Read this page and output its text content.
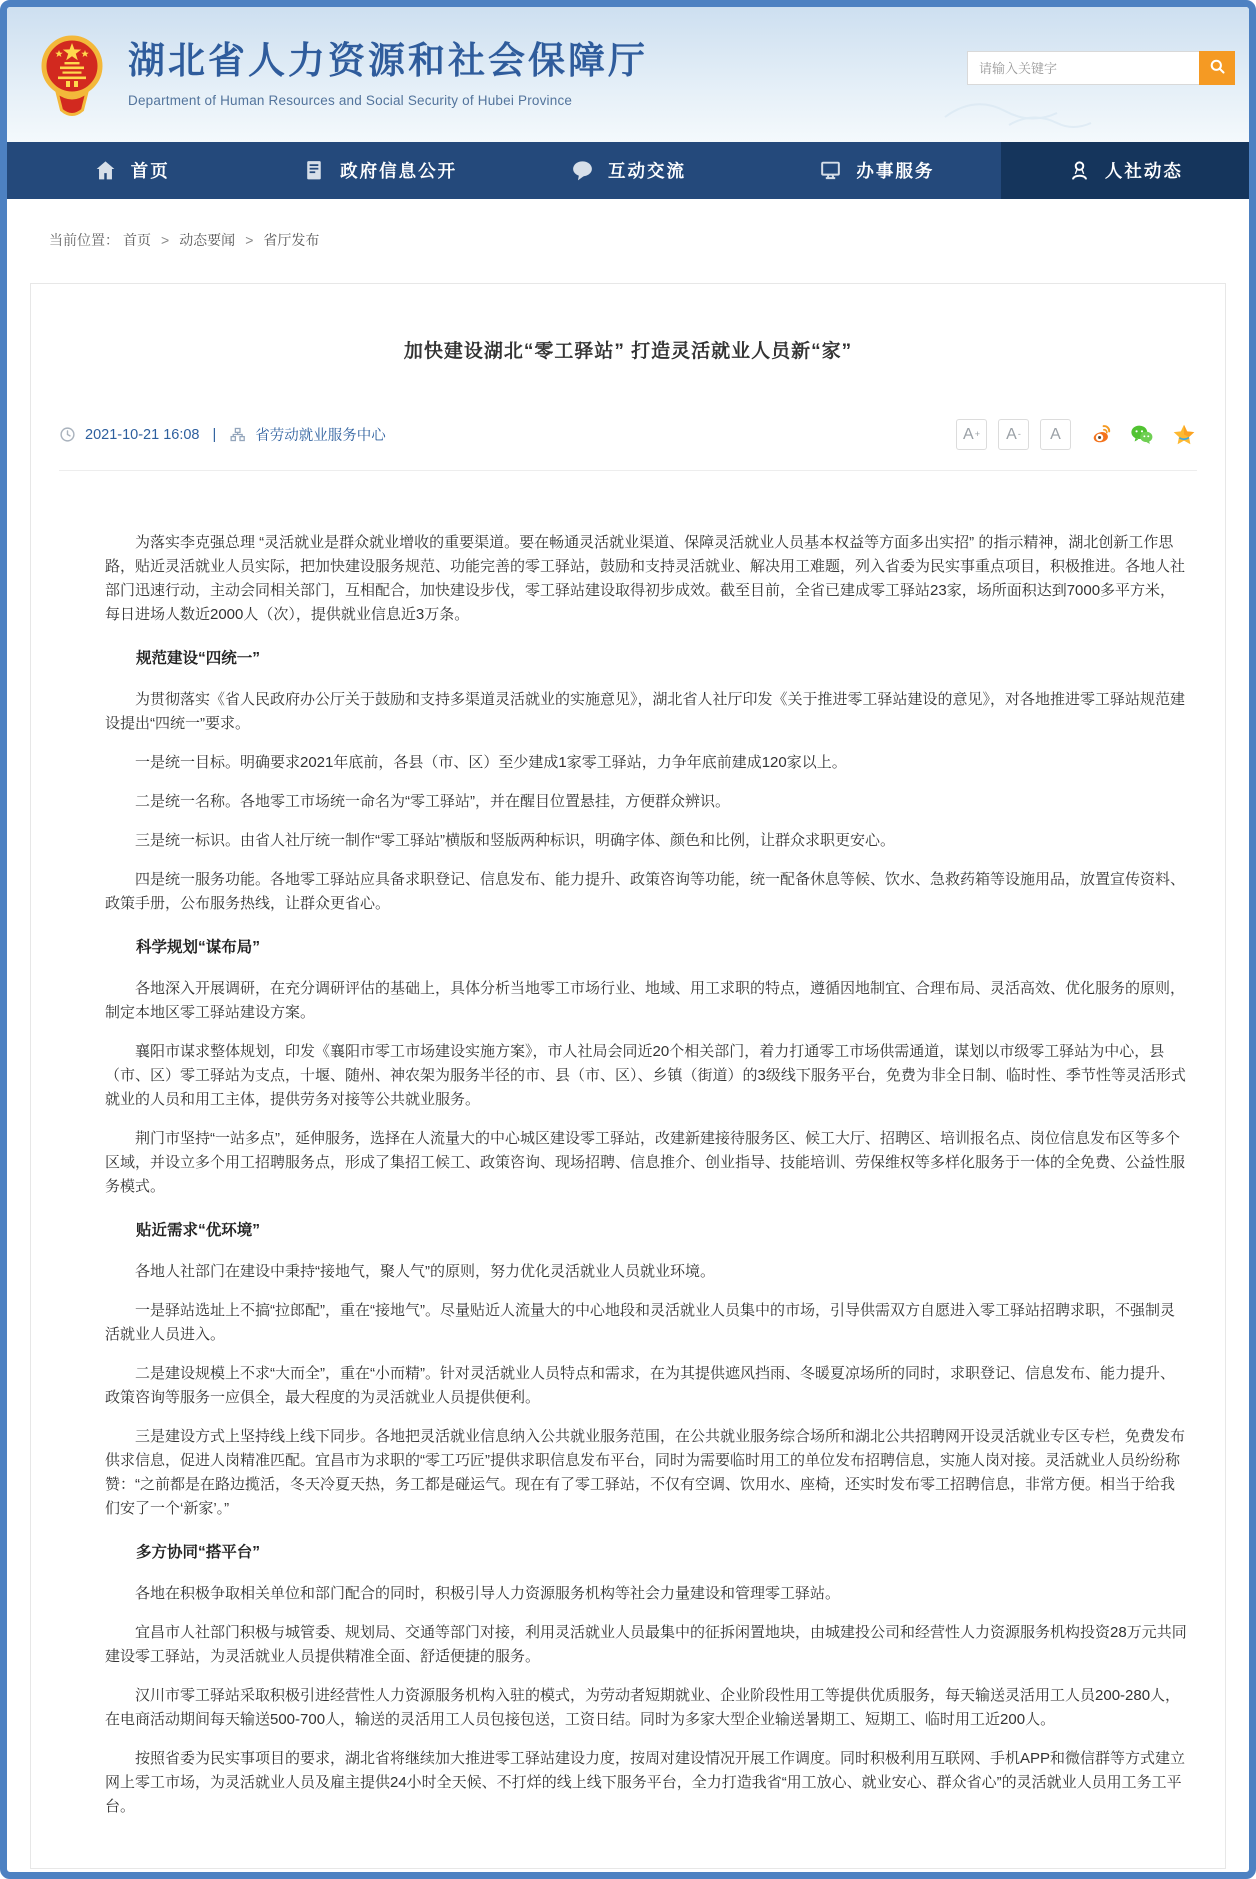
湖北省人力资源和社会保障厅
Department of Human Resources and Social Security of Hubei Province
请输入关键字
首页	政府信息公开	互动交流	办事服务	人社动态
当前位置： 首页 > 动态要闻 > 省厅发布
加快建设湖北“零工驿站” 打造灵活就业人员新“家”
2021-10-21 16:08 |	省劳动就业服务中心	A +	A -	A

为落实李克强总理 “灵活就业是群众就业增收的重要渠道。要在畅通灵活就业渠道、保障灵活就业人员基本权益等方面多出实招” 的指示精神，湖北创新工作思路，贴近灵活就业人员实际，把加快建设服务规范、功能完善的零工驿站，鼓励和支持灵活就业、解决用工难题，列入省委为民实事重点项目，积极推进。各地人社部门迅速行动，主动会同相关部门，互相配合，加快建设步伐，零工驿站建设取得初步成效。截至目前，全省已建成零工驿站23家，场所面积达到7000多平方米，每日进场人数近2000人（次），提供就业信息近3万条。

规范建设“四统一”

为贯彻落实《省人民政府办公厅关于鼓励和支持多渠道灵活就业的实施意见》，湖北省人社厅印发《关于推进零工驿站建设的意见》，对各地推进零工驿站规范建设提出“四统一”要求。

一是统一目标。明确要求2021年底前，各县（市、区）至少建成1家零工驿站，力争年底前建成120家以上。

二是统一名称。各地零工市场统一命名为“零工驿站”，并在醒目位置悬挂，方便群众辨识。

三是统一标识。由省人社厅统一制作“零工驿站”横版和竖版两种标识，明确字体、颜色和比例，让群众求职更安心。

四是统一服务功能。各地零工驿站应具备求职登记、信息发布、能力提升、政策咨询等功能，统一配备休息等候、饮水、急救药箱等设施用品，放置宣传资料、政策手册，公布服务热线，让群众更省心。

科学规划“谋布局”

各地深入开展调研，在充分调研评估的基础上，具体分析当地零工市场行业、地域、用工求职的特点，遵循因地制宜、合理布局、灵活高效、优化服务的原则，制定本地区零工驿站建设方案。

襄阳市谋求整体规划，印发《襄阳市零工市场建设实施方案》，市人社局会同近20个相关部门，着力打通零工市场供需通道，谋划以市级零工驿站为中心，县（市、区）零工驿站为支点，十堰、随州、神农架为服务半径的市、县（市、区）、乡镇（街道）的3级线下服务平台，免费为非全日制、临时性、季节性等灵活形式就业的人员和用工主体，提供劳务对接等公共就业服务。

荆门市坚持“一站多点”，延伸服务，选择在人流量大的中心城区建设零工驿站，改建新建接待服务区、候工大厅、招聘区、培训报名点、岗位信息发布区等多个区域，并设立多个用工招聘服务点，形成了集招工候工、政策咨询、现场招聘、信息推介、创业指导、技能培训、劳保维权等多样化服务于一体的全免费、公益性服务模式。

贴近需求“优环境”

各地人社部门在建设中秉持“接地气，聚人气”的原则，努力优化灵活就业人员就业环境。

一是驿站选址上不搞“拉郎配”，重在“接地气”。尽量贴近人流量大的中心地段和灵活就业人员集中的市场，引导供需双方自愿进入零工驿站招聘求职，不强制灵活就业人员进入。

二是建设规模上不求“大而全”，重在“小而精”。针对灵活就业人员特点和需求，在为其提供遮风挡雨、冬暖夏凉场所的同时，求职登记、信息发布、能力提升、政策咨询等服务一应俱全，最大程度的为灵活就业人员提供便利。

三是建设方式上坚持线上线下同步。各地把灵活就业信息纳入公共就业服务范围，在公共就业服务综合场所和湖北公共招聘网开设灵活就业专区专栏，免费发布供求信息，促进人岗精准匹配。宜昌市为求职的“零工巧匠”提供求职信息发布平台，同时为需要临时用工的单位发布招聘信息，实施人岗对接。灵活就业人员纷纷称赞：“之前都是在路边揽活，冬天冷夏天热，务工都是碰运气。现在有了零工驿站，不仅有空调、饮用水、座椅，还实时发布零工招聘信息，非常方便。相当于给我们安了一个‘新家’。”

多方协同“搭平台”

各地在积极争取相关单位和部门配合的同时，积极引导人力资源服务机构等社会力量建设和管理零工驿站。

宜昌市人社部门积极与城管委、规划局、交通等部门对接，利用灵活就业人员最集中的征拆闲置地块，由城建投公司和经营性人力资源服务机构投资28万元共同建设零工驿站，为灵活就业人员提供精准全面、舒适便捷的服务。

汉川市零工驿站采取积极引进经营性人力资源服务机构入驻的模式，为劳动者短期就业、企业阶段性用工等提供优质服务，每天输送灵活用工人员200-280人，在电商活动期间每天输送500-700人，输送的灵活用工人员包接包送，工资日结。同时为多家大型企业输送暑期工、短期工、临时用工近200人。

按照省委为民实事项目的要求，湖北省将继续加大推进零工驿站建设力度，按周对建设情况开展工作调度。同时积极利用互联网、手机APP和微信群等方式建立网上零工市场，为灵活就业人员及雇主提供24小时全天候、不打烊的线上线下服务平台，全力打造我省“用工放心、就业安心、群众省心”的灵活就业人员用工务工平台。
